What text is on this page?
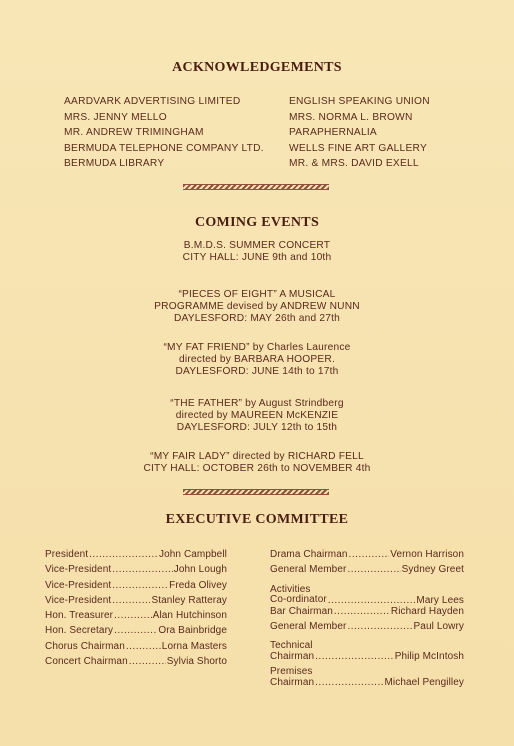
ACKNOWLEDGEMENTS
AARDVARK ADVERTISING LIMITED
MRS. JENNY MELLO
MR. ANDREW TRIMINGHAM
BERMUDA TELEPHONE COMPANY LTD.
BERMUDA LIBRARY
ENGLISH SPEAKING UNION
MRS. NORMA L. BROWN
PARAPHERNALIA
WELLS FINE ART GALLERY
MR. & MRS. DAVID EXELL
COMING EVENTS
B.M.D.S. SUMMER CONCERT
CITY HALL: JUNE 9th and 10th
“PIECES OF EIGHT” A MUSICAL
PROGRAMME devised by ANDREW NUNN
DAYLESFORD: MAY 26th and 27th
“MY FAT FRIEND” by Charles Laurence
directed by BARBARA HOOPER.
DAYLESFORD: JUNE 14th to 17th
“THE FATHER” by August Strindberg
directed by MAUREEN McKENZIE
DAYLESFORD: JULY 12th to 15th
“MY FAIR LADY” directed by RICHARD FELL
CITY HALL: OCTOBER 26th to NOVEMBER 4th
EXECUTIVE COMMITTEE
President .....	John Campbell
Vice-President .....	John Lough
Vice-President .....	Freda Olivey
Vice-President .....	Stanley Ratteray
Hon. Treasurer .....	Alan Hutchinson
Hon. Secretary .....	Ora Bainbridge
Chorus Chairman .....	Lorna Masters
Concert Chairman .....	Sylvia Shorto
Drama Chairman .....	Vernon Harrison
General Member .....	Sydney Greet
Activities
Co-ordinator .....	Mary Lees
Bar Chairman .....	Richard Hayden
General Member .....	Paul Lowry
Technical
Chairman .....	Philip McIntosh
Premises
Chairman .....	Michael Pengilley
